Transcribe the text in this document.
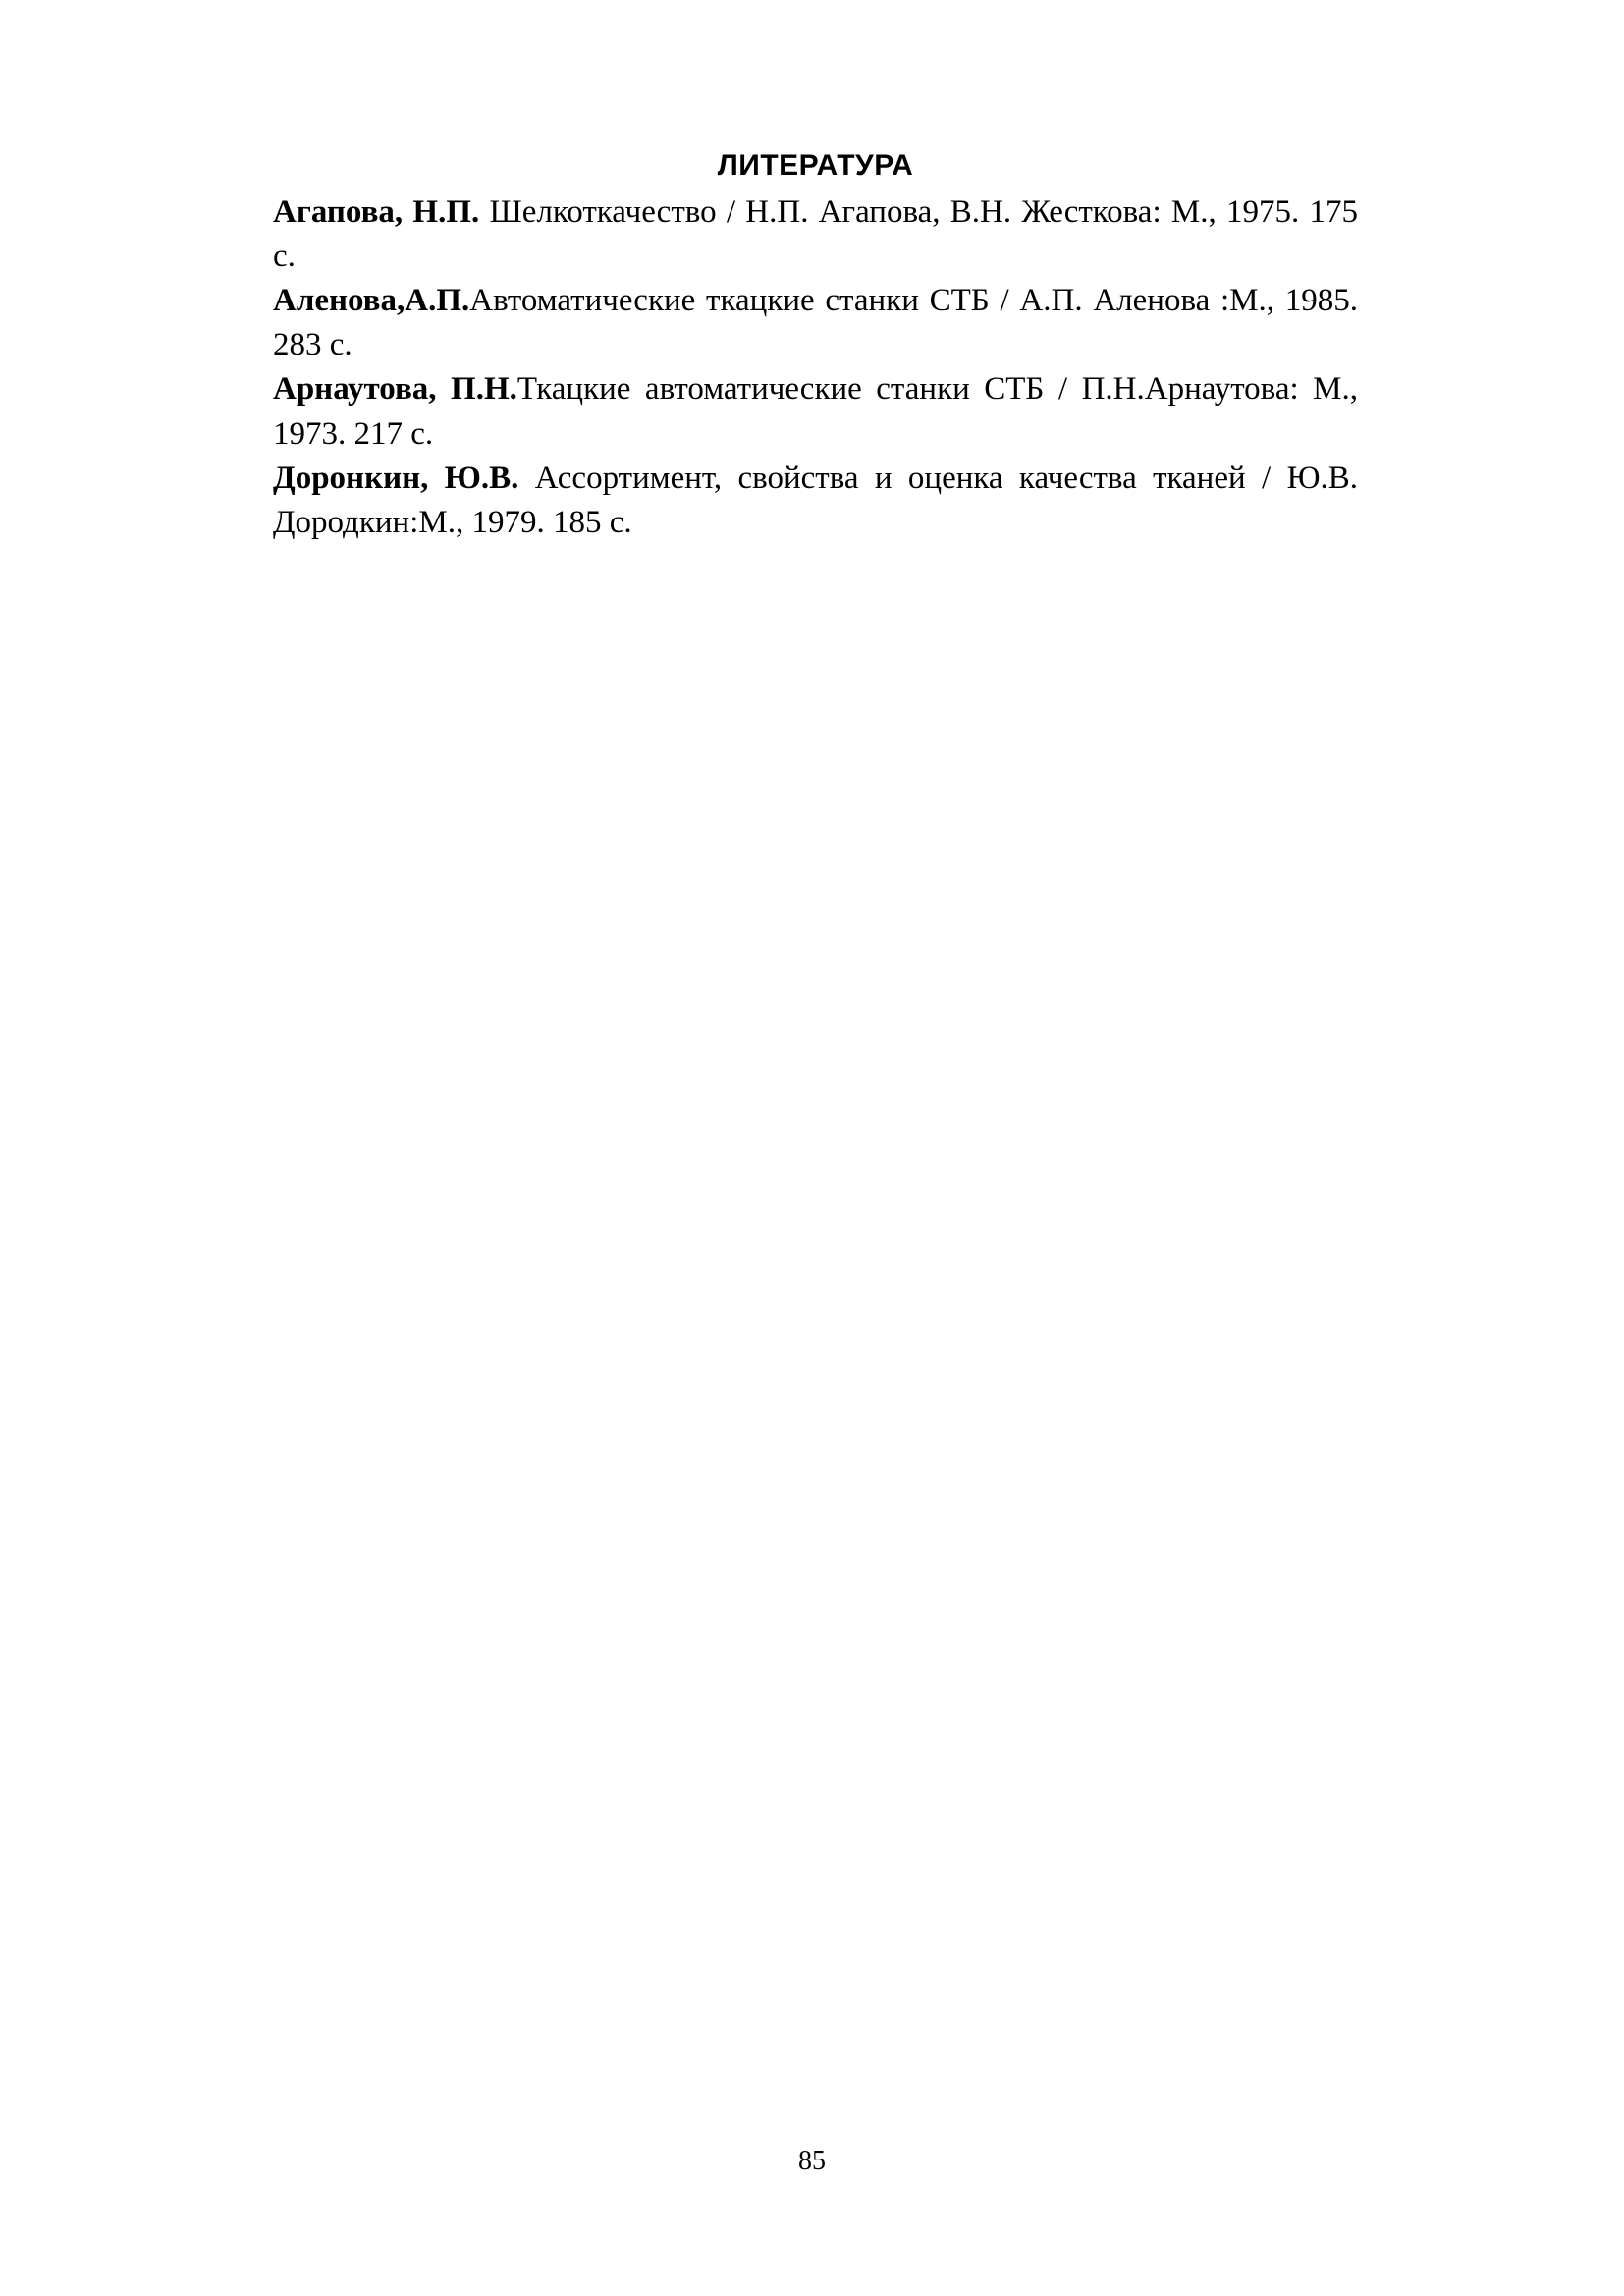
ЛИТЕРАТУРА

Агапова, Н.П. Шелкоткачество / Н.П. Агапова, В.Н. Жесткова: М., 1975. 175 с.

Аленова,А.П.Автоматические ткацкие станки СТБ / А.П. Аленова :М., 1985. 283 с.

Арнаутова, П.Н.Ткацкие автоматические станки СТБ / П.Н.Арнаутова: М., 1973. 217 с.

Доронкин, Ю.В. Ассортимент, свойства и оценка качества тканей / Ю.В. Дородкин:М., 1979. 185 с.

85
